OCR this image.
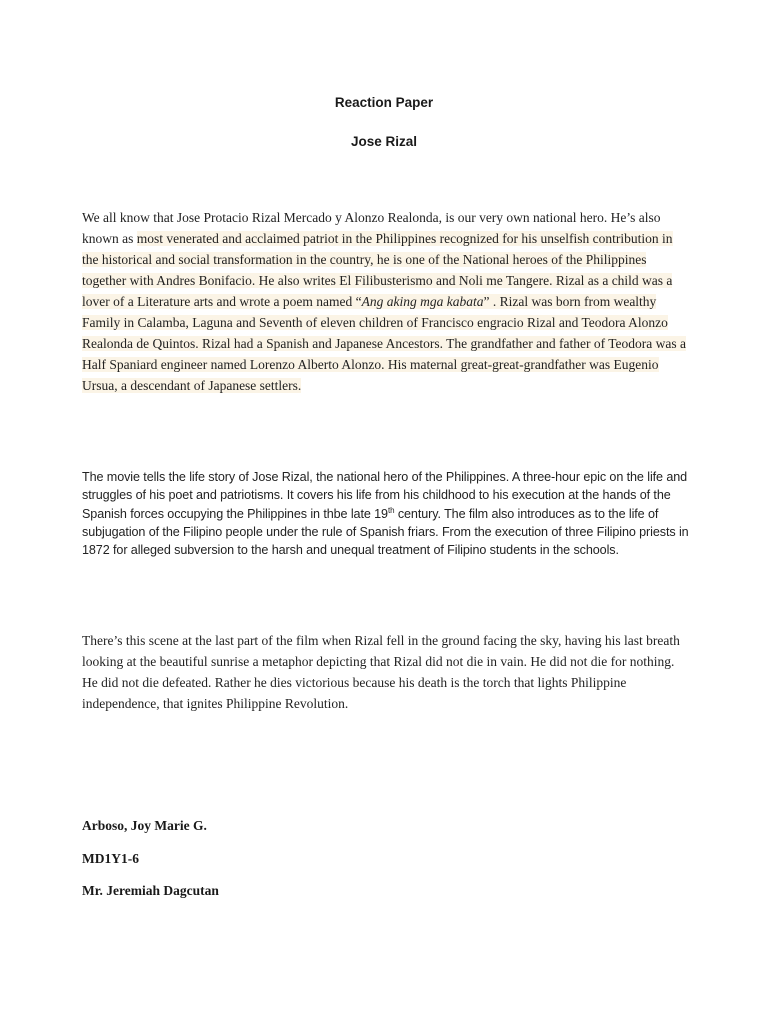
Reaction Paper
Jose Rizal

We all know that Jose Protacio Rizal Mercado y Alonzo Realonda, is our very own national hero. He’s also known as most venerated and acclaimed patriot in the Philippines recognized for his unselfish contribution in the historical and social transformation in the country, he is one of the National heroes of the Philippines together with Andres Bonifacio. He also writes El Filibusterismo and Noli me Tangere. Rizal as a child was a lover of a Literature arts and wrote a poem named “Ang aking mga kabata” . Rizal was born from wealthy Family in Calamba, Laguna and Seventh of eleven children of Francisco engracio Rizal and Teodora Alonzo Realonda de Quintos. Rizal had a Spanish and Japanese Ancestors. The grandfather and father of Teodora was a Half Spaniard engineer named Lorenzo Alberto Alonzo. His maternal great-great-grandfather was Eugenio Ursua, a descendant of Japanese settlers.

The movie tells the life story of Jose Rizal, the national hero of the Philippines. A three-hour epic on the life and struggles of his poet and patriotisms. It covers his life from his childhood to his execution at the hands of the Spanish forces occupying the Philippines in thbe late 19th century. The film also introduces as to the life of subjugation of the Filipino people under the rule of Spanish friars. From the execution of three Filipino priests in 1872 for alleged subversion to the harsh and unequal treatment of Filipino students in the schools.

There’s this scene at the last part of the film when Rizal fell in the ground facing the sky, having his last breath looking at the beautiful sunrise a metaphor depicting that Rizal did not die in vain. He did not die for nothing. He did not die defeated. Rather he dies victorious because his death is the torch that lights Philippine independence, that ignites Philippine Revolution.

Arboso, Joy Marie G.
MD1Y1-6
Mr. Jeremiah Dagcutan
